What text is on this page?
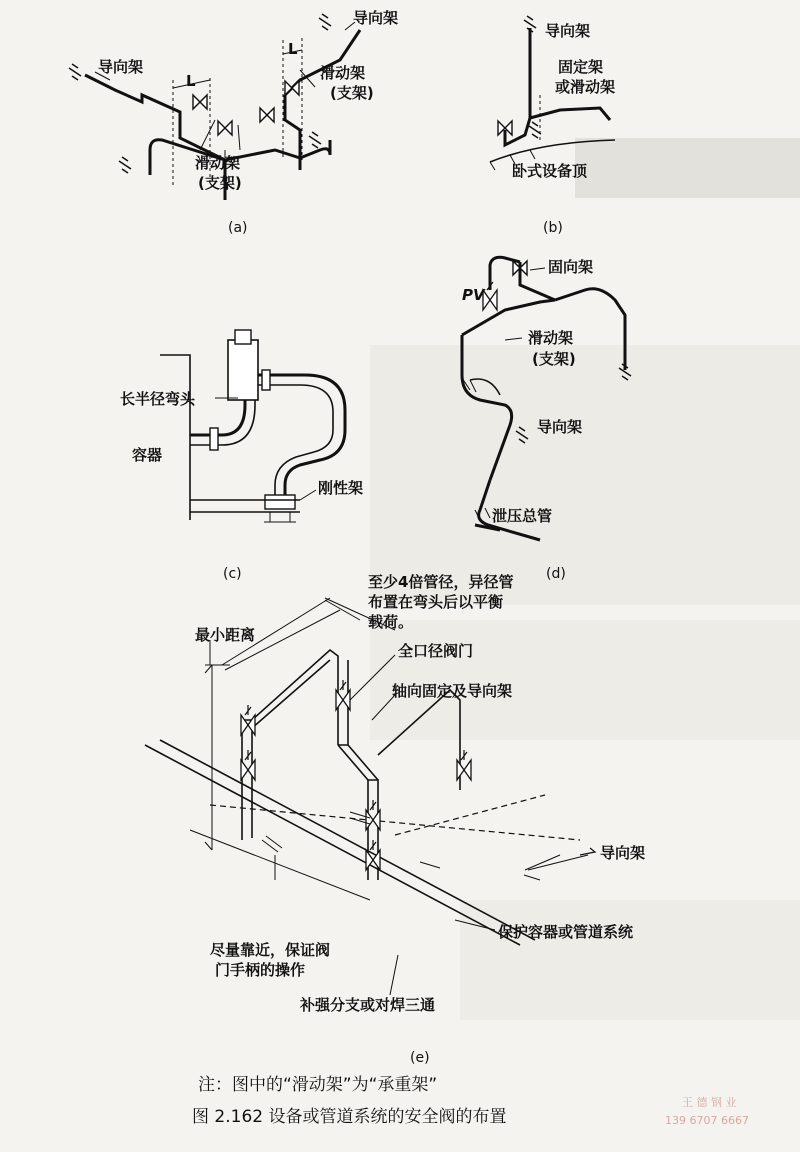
导向架
导向架
L
L
滑动架
(支架)
滑动架
(支架)
(a)
导向架
固定架
或滑动架
卧式设备顶
(b)
长半径弯头
容器
刚性架
(c)
PV
固向架
滑动架
(支架)
导向架
泄压总管
(d)
最小距离
至少4倍管径，异径管
布置在弯头后以平衡
载荷。
全口径阀门
轴向固定及导向架
导向架
尽量靠近，保证阀
门手柄的操作
保护容器或管道系统
补强分支或对焊三通
(e)
注：图中的“滑动架”为“承重架”
图 2.162 设备或管道系统的安全阀的布置
王 德 钢 业
139 6707 6667
